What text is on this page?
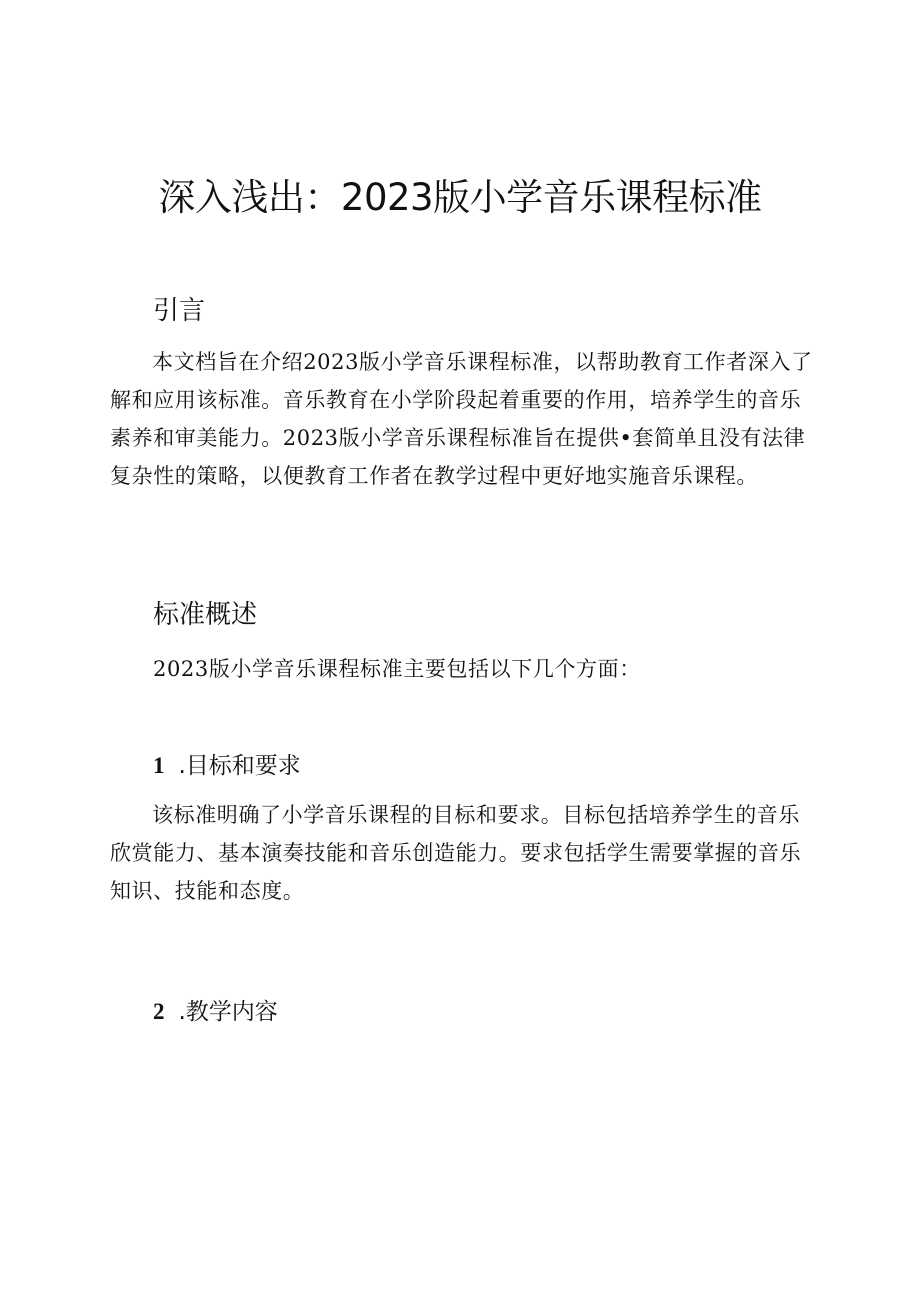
深入浅出：2023版小学音乐课程标准
引言

本文档旨在介绍2023版小学音乐课程标准，以帮助教育工作者深入了解和应用该标准。音乐教育在小学阶段起着重要的作用，培养学生的音乐素养和审美能力。2023版小学音乐课程标准旨在提供•套简单且没有法律复杂性的策略，以便教育工作者在教学过程中更好地实施音乐课程。

标准概述

2023版小学音乐课程标准主要包括以下几个方面：

1 .目标和要求

该标准明确了小学音乐课程的目标和要求。目标包括培养学生的音乐欣赏能力、基本演奏技能和音乐创造能力。要求包括学生需要掌握的音乐知识、技能和态度。

2 .教学内容
